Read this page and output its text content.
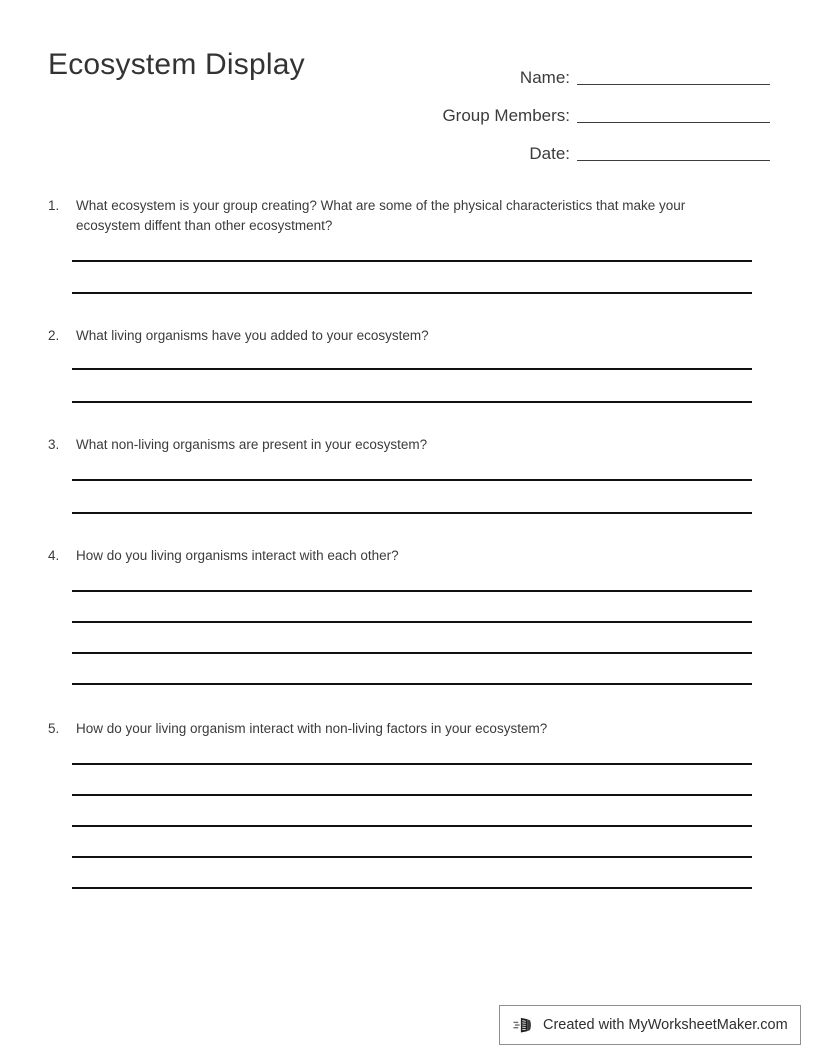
Ecosystem Display	Name:
Group Members:
Date:
1.	What ecosystem is your group creating? What are some of the physical characteristics that make your ecosystem diffent than other ecosystment?
2.	What living organisms have you added to your ecosystem?
3.	What non-living organisms are present in your ecosystem?
4.	How do you living organisms interact with each other?
5.	How do your living organism interact with non-living factors in your ecosystem?
Created with MyWorksheetMaker.com
